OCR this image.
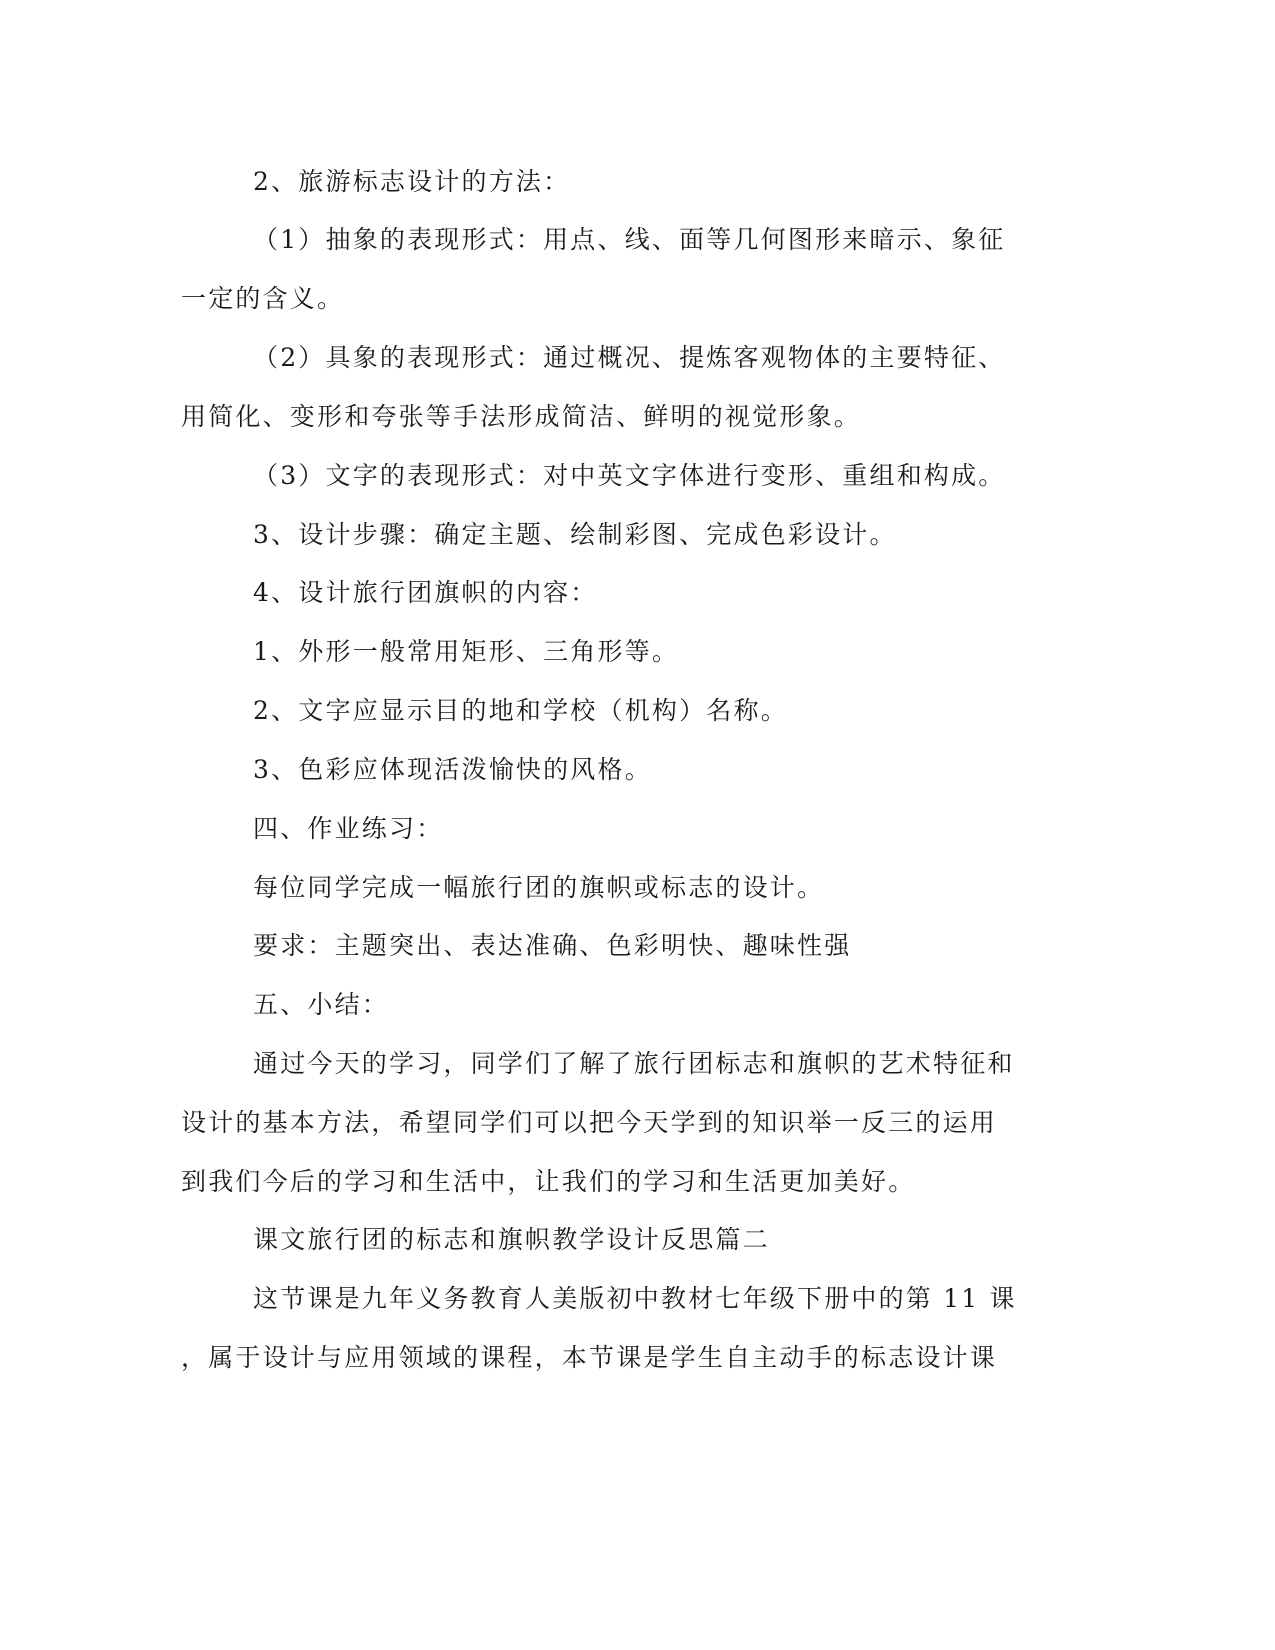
2、旅游标志设计的方法：

（1）抽象的表现形式：用点、线、面等几何图形来暗示、象征

一定的含义。

（2）具象的表现形式：通过概况、提炼客观物体的主要特征、

用简化、变形和夸张等手法形成简洁、鲜明的视觉形象。

（3）文字的表现形式：对中英文字体进行变形、重组和构成。

3、设计步骤：确定主题、绘制彩图、完成色彩设计。

4、设计旅行团旗帜的内容：

1、外形一般常用矩形、三角形等。

2、文字应显示目的地和学校（机构）名称。

3、色彩应体现活泼愉快的风格。

四、作业练习：

每位同学完成一幅旅行团的旗帜或标志的设计。

要求：主题突出、表达准确、色彩明快、趣味性强

五、小结：

通过今天的学习，同学们了解了旅行团标志和旗帜的艺术特征和

设计的基本方法，希望同学们可以把今天学到的知识举一反三的运用

到我们今后的学习和生活中，让我们的学习和生活更加美好。

课文旅行团的标志和旗帜教学设计反思篇二

这节课是九年义务教育人美版初中教材七年级下册中的第 11 课

，属于设计与应用领域的课程，本节课是学生自主动手的标志设计课
